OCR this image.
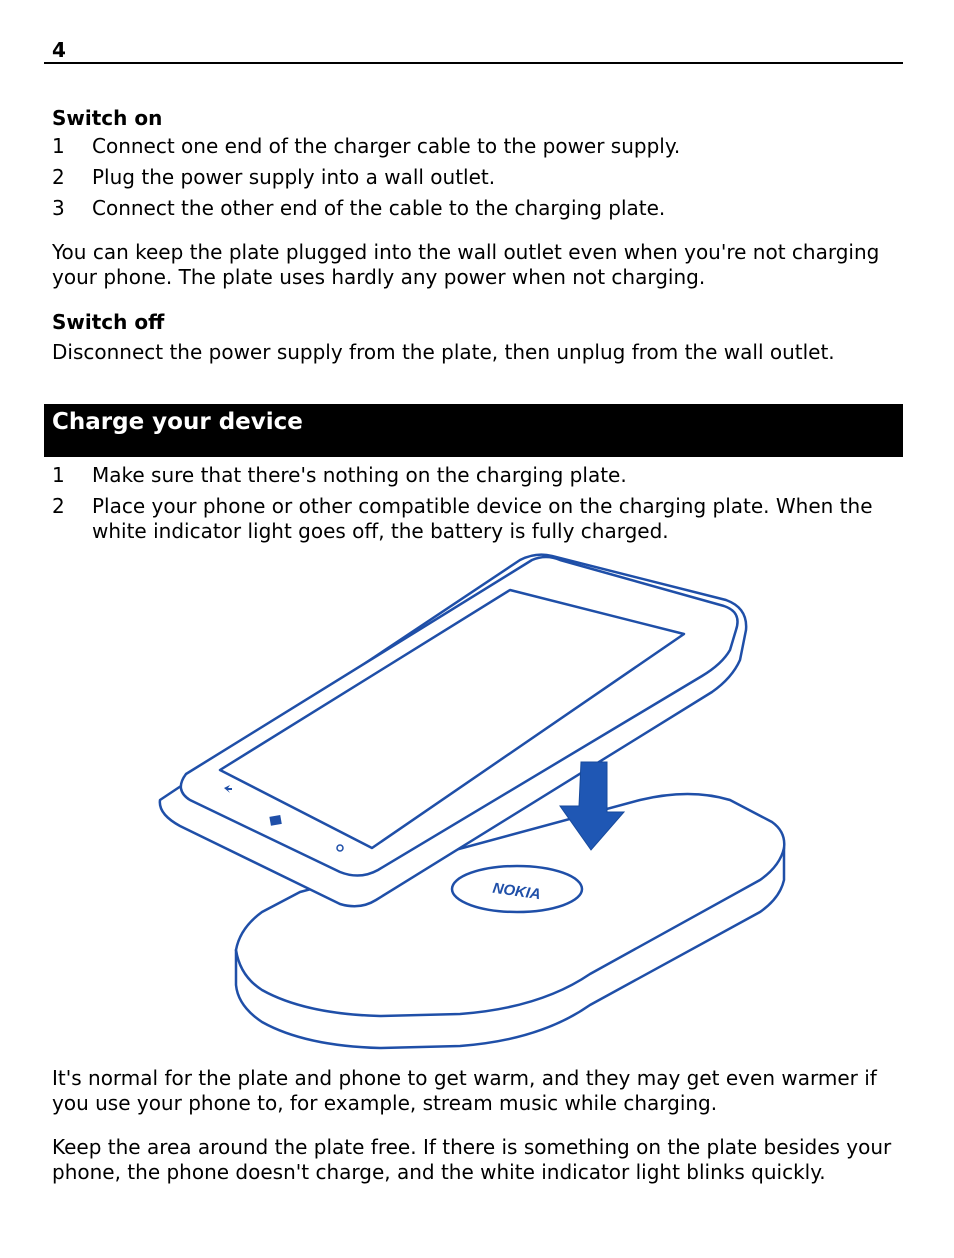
4
Switch on
1 Connect one end of the charger cable to the power supply.
2 Plug the power supply into a wall outlet.
3 Connect the other end of the cable to the charging plate.
You can keep the plate plugged into the wall outlet even when you're not charging your phone. The plate uses hardly any power when not charging.
Switch off
Disconnect the power supply from the plate, then unplug from the wall outlet.
Charge your device
1 Make sure that there's nothing on the charging plate.
2 Place your phone or other compatible device on the charging plate. When the white indicator light goes off, the battery is fully charged.
NOKIA
It's normal for the plate and phone to get warm, and they may get even warmer if you use your phone to, for example, stream music while charging.
Keep the area around the plate free. If there is something on the plate besides your phone, the phone doesn't charge, and the white indicator light blinks quickly.
